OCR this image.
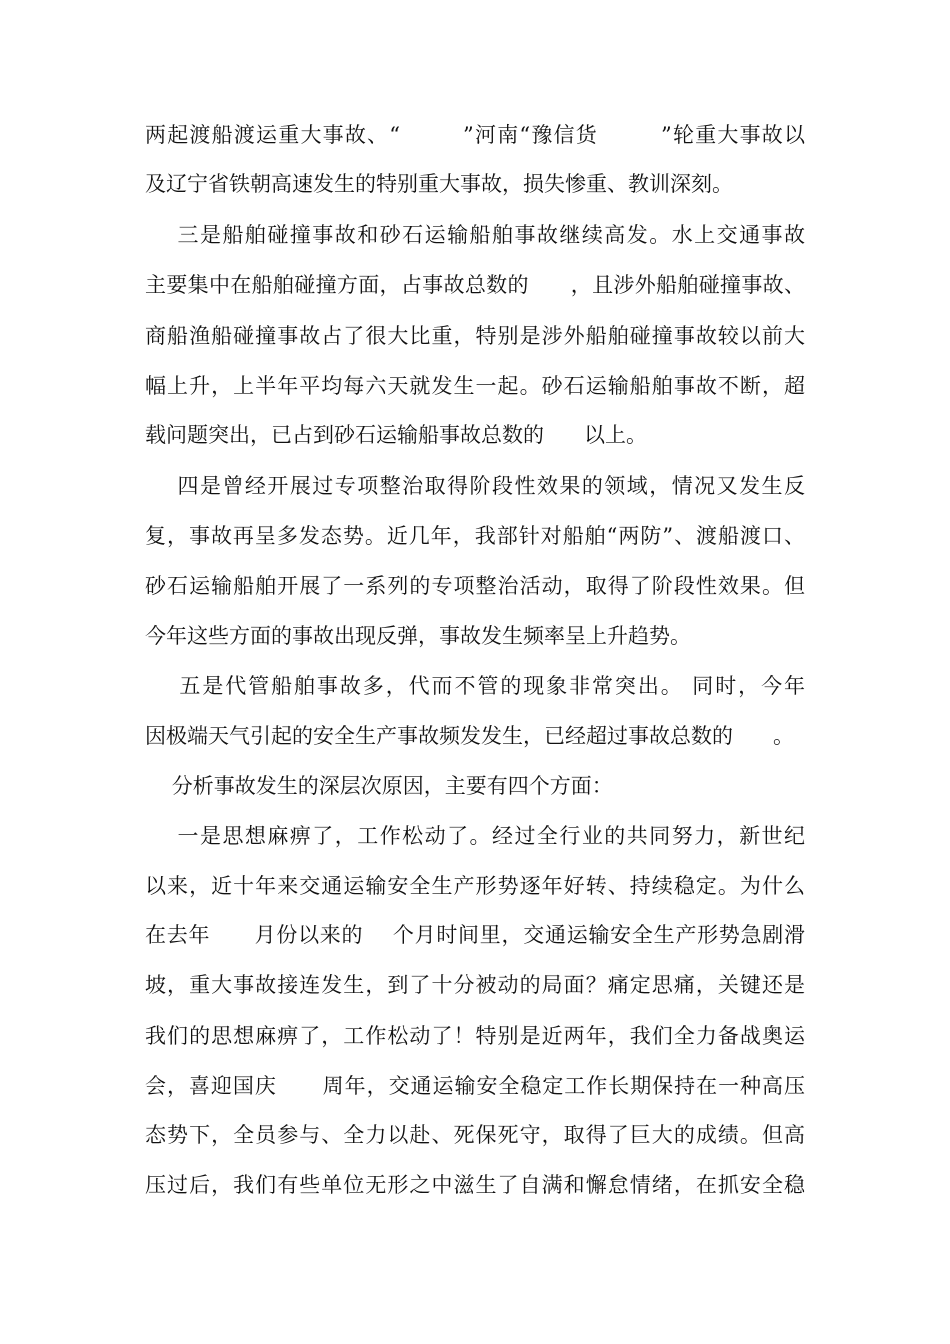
两起渡船渡运重大事故、“        ”河南“豫信货        ”轮重大事故以
及辽宁省铁朝高速发生的特别重大事故，损失惨重、教训深刻。
三是船舶碰撞事故和砂石运输船舶事故继续高发。水上交通事故
主要集中在船舶碰撞方面，占事故总数的      ，且涉外船舶碰撞事故、
商船渔船碰撞事故占了很大比重，特别是涉外船舶碰撞事故较以前大
幅上升，上半年平均每六天就发生一起。砂石运输船舶事故不断，超
载问题突出，已占到砂石运输船事故总数的      以上。
四是曾经开展过专项整治取得阶段性效果的领域，情况又发生反
复，事故再呈多发态势。近几年，我部针对船舶“两防”、渡船渡口、
砂石运输船舶开展了一系列的专项整治活动，取得了阶段性效果。但
今年这些方面的事故出现反弹，事故发生频率呈上升趋势。
五是代管船舶事故多，代而不管的现象非常突出。 同时，今年
因极端天气引起的安全生产事故频发发生，已经超过事故总数的      。
分析事故发生的深层次原因，主要有四个方面：
一是思想麻痹了，工作松动了。经过全行业的共同努力，新世纪
以来，近十年来交通运输安全生产形势逐年好转、持续稳定。为什么
在去年      月份以来的    个月时间里，交通运输安全生产形势急剧滑
坡，重大事故接连发生，到了十分被动的局面？痛定思痛，关键还是
我们的思想麻痹了，工作松动了！特别是近两年，我们全力备战奥运
会，喜迎国庆      周年，交通运输安全稳定工作长期保持在一种高压
态势下，全员参与、全力以赴、死保死守，取得了巨大的成绩。但高
压过后，我们有些单位无形之中滋生了自满和懈怠情绪，在抓安全稳
